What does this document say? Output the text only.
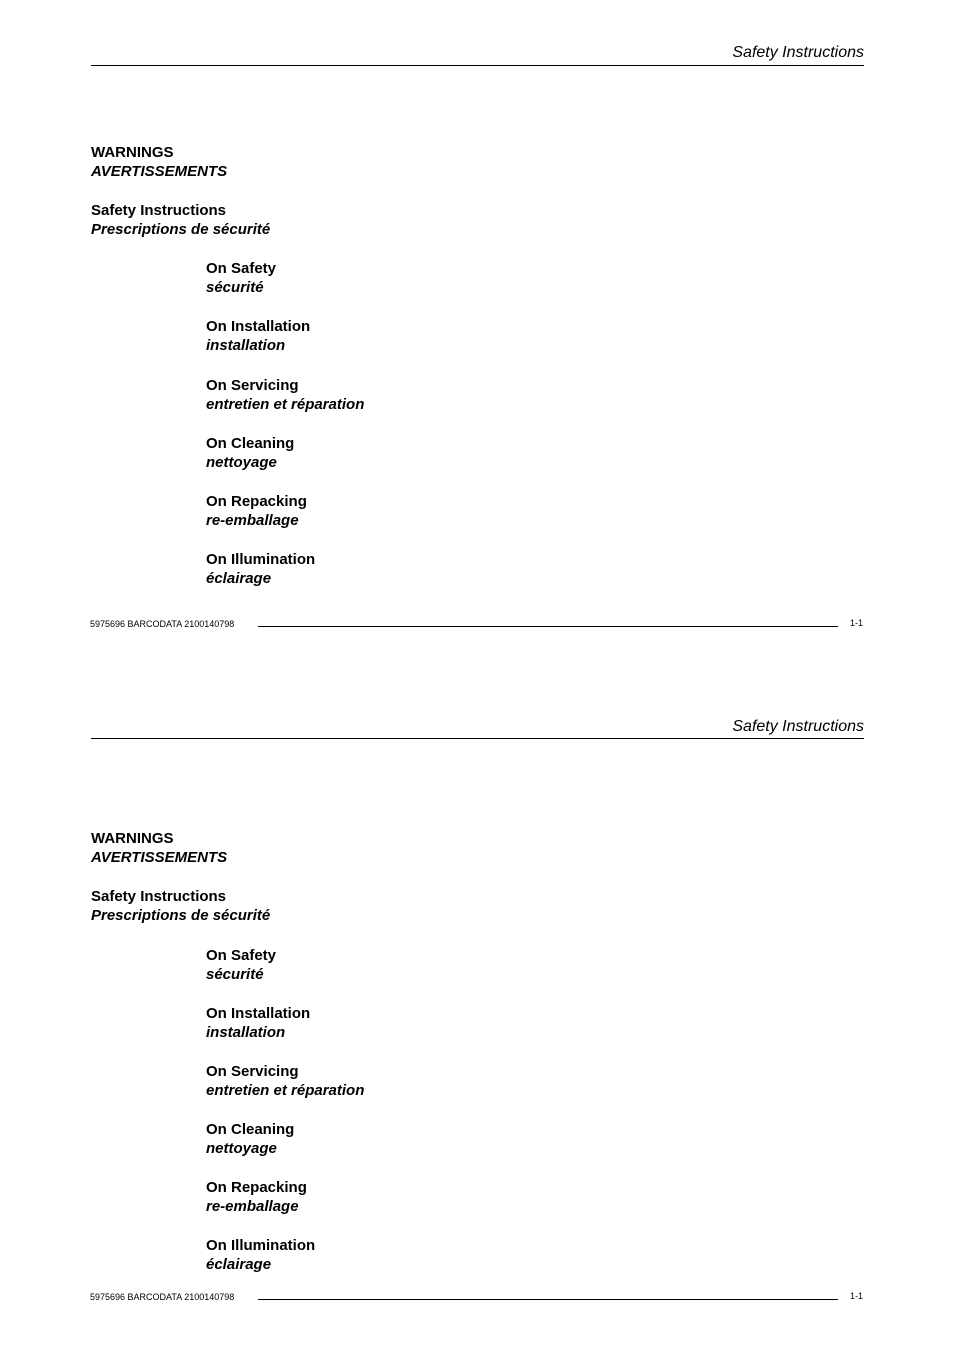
Safety Instructions
WARNINGS
AVERTISSEMENTS
Safety Instructions
Prescriptions de sécurité
On Safety
sécurité
On Installation
installation
On Servicing
entretien et réparation
On Cleaning
nettoyage
On Repacking
re-emballage
On Illumination
éclairage
5975696 BARCODATA 2100140798	1-1
Safety Instructions
WARNINGS
AVERTISSEMENTS
Safety Instructions
Prescriptions de sécurité
On Safety
sécurité
On Installation
installation
On Servicing
entretien et réparation
On Cleaning
nettoyage
On Repacking
re-emballage
On Illumination
éclairage
5975696 BARCODATA 2100140798	1-1
